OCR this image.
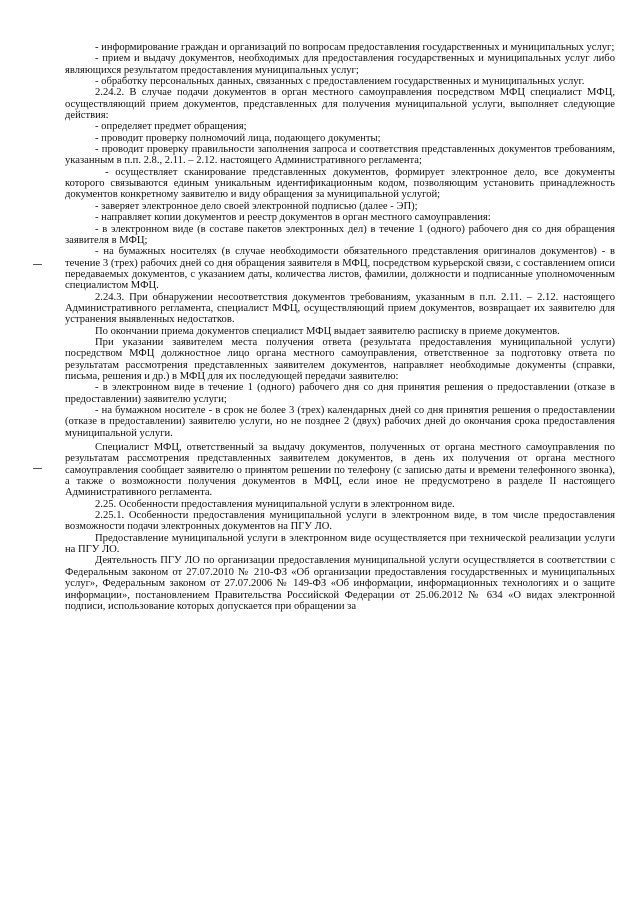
- информирование граждан и организаций по вопросам предоставления государственных и муниципальных услуг;

- прием и выдачу документов, необходимых для предоставления государственных и муниципальных услуг либо являющихся результатом предоставления муниципальных услуг;

- обработку персональных данных, связанных с предоставлением государственных и муниципальных услуг.

2.24.2. В случае подачи документов в орган местного самоуправления посредством МФЦ специалист МФЦ, осуществляющий прием документов, представленных для получения муниципальной услуги, выполняет следующие действия:

- определяет предмет обращения;

- проводит проверку полномочий лица, подающего документы;

- проводит проверку правильности заполнения запроса и соответствия представленных документов требованиям, указанным в п.п. 2.8., 2.11. – 2.12. настоящего Административного регламента;

- осуществляет сканирование представленных документов, формирует электронное дело, все документы которого связываются единым уникальным идентификационным кодом, позволяющим установить принадлежность документов конкретному заявителю и виду обращения за муниципальной услугой;

- заверяет электронное дело своей электронной подписью (далее - ЭП);

- направляет копии документов и реестр документов в орган местного самоуправления:

- в электронном виде (в составе пакетов электронных дел) в течение 1 (одного) рабочего дня со дня обращения заявителя в МФЦ;

- на бумажных носителях (в случае необходимости обязательного представления оригиналов документов) - в течение 3 (трех) рабочих дней со дня обращения заявителя в МФЦ, посредством курьерской связи, с составлением описи передаваемых документов, с указанием даты, количества листов, фамилии, должности и подписанные уполномоченным специалистом МФЦ.

2.24.3. При обнаружении несоответствия документов требованиям, указанным в п.п. 2.11. – 2.12. настоящего Административного регламента, специалист МФЦ, осуществляющий прием документов, возвращает их заявителю для устранения выявленных недостатков.

По окончании приема документов специалист МФЦ выдает заявителю расписку в приеме документов.

При указании заявителем места получения ответа (результата предоставления муниципальной услуги) посредством МФЦ должностное лицо органа местного самоуправления, ответственное за подготовку ответа по результатам рассмотрения представленных заявителем документов, направляет необходимые документы (справки, письма, решения и др.) в МФЦ для их последующей передачи заявителю:

- в электронном виде в течение 1 (одного) рабочего дня со дня принятия решения о предоставлении (отказе в предоставлении) заявителю услуги;

- на бумажном носителе - в срок не более 3 (трех) календарных дней со дня принятия решения о предоставлении (отказе в предоставлении) заявителю услуги, но не позднее 2 (двух) рабочих дней до окончания срока предоставления муниципальной услуги.

Специалист МФЦ, ответственный за выдачу документов, полученных от органа местного самоуправления по результатам рассмотрения представленных заявителем документов, в день их получения от органа местного самоуправления сообщает заявителю о принятом решении по телефону (с записью даты и времени телефонного звонка), а также о возможности получения документов в МФЦ, если иное не предусмотрено в разделе II настоящего Административного регламента.

2.25. Особенности предоставления муниципальной услуги в электронном виде.

2.25.1. Особенности предоставления муниципальной услуги в электронном виде, в том числе предоставления возможности подачи электронных документов на ПГУ ЛО.

Предоставление муниципальной услуги в электронном виде осуществляется при технической реализации услуги на ПГУ ЛО.

Деятельность ПГУ ЛО по организации предоставления муниципальной услуги осуществляется в соответствии с Федеральным законом от 27.07.2010 № 210-ФЗ «Об организации предоставления государственных и муниципальных услуг», Федеральным законом от 27.07.2006 № 149-ФЗ «Об информации, информационных технологиях и о защите информации», постановлением Правительства Российской Федерации от 25.06.2012 № 634 «О видах электронной подписи, использование которых допускается при обращении за
